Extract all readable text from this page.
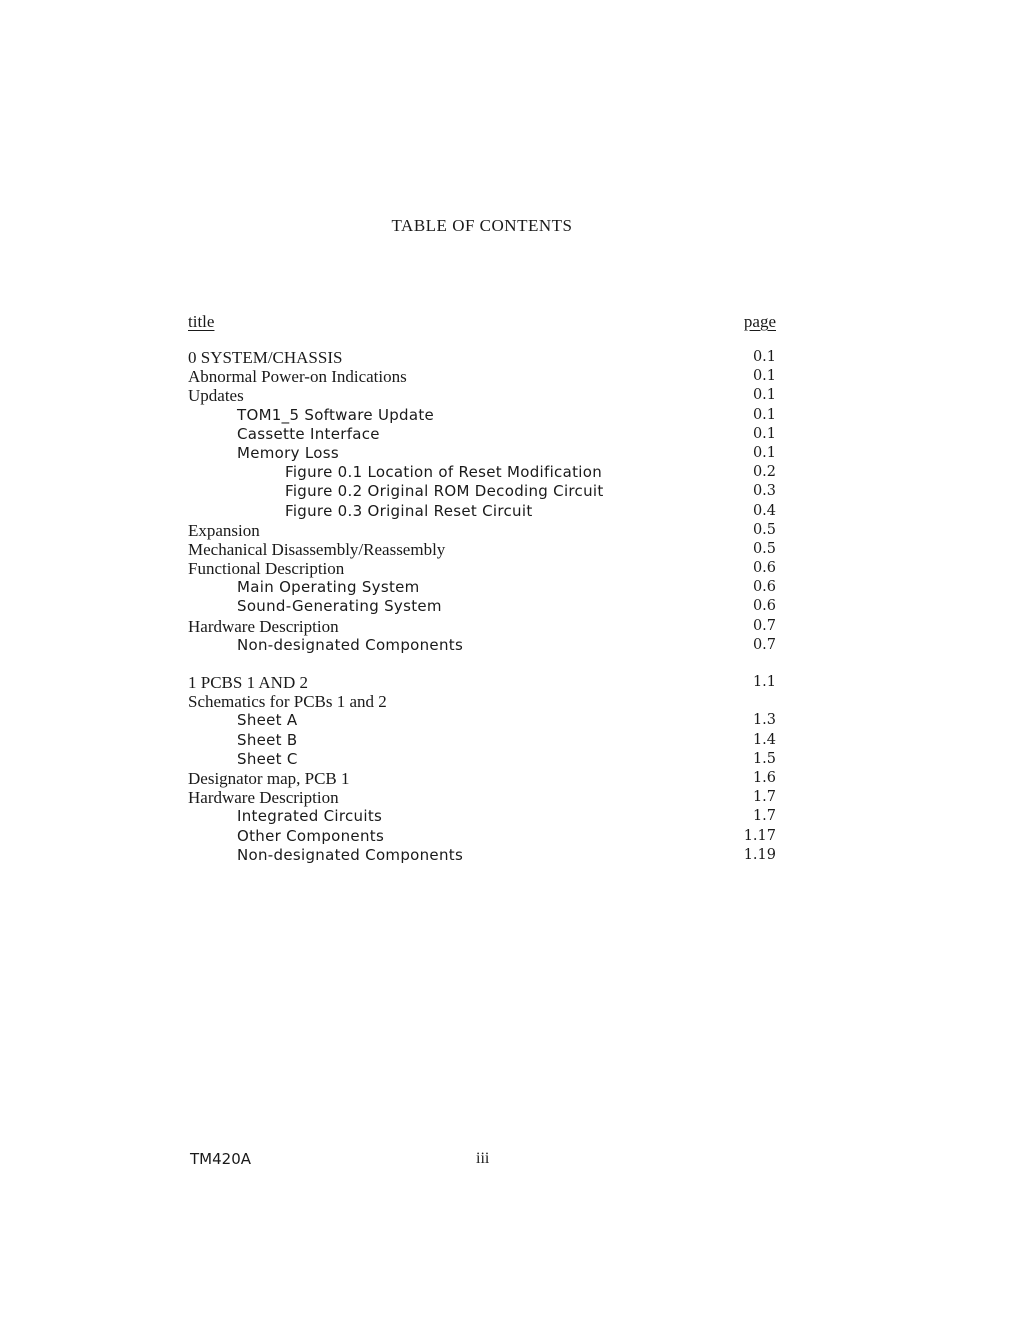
TABLE OF CONTENTS
title	page
0 SYSTEM/CHASSIS	0.1
Abnormal Power-on Indications	0.1
Updates	0.1
TOM1_5 Software Update	0.1
Cassette Interface	0.1
Memory Loss	0.1
Figure 0.1 Location of Reset Modification	0.2
Figure 0.2 Original ROM Decoding Circuit	0.3
Figure 0.3 Original Reset Circuit	0.4
Expansion	0.5
Mechanical Disassembly/Reassembly	0.5
Functional Description	0.6
Main Operating System	0.6
Sound-Generating System	0.6
Hardware Description	0.7
Non-designated Components	0.7
1 PCBS 1 AND 2	1.1
Schematics for PCBs 1 and 2
Sheet A	1.3
Sheet B	1.4
Sheet C	1.5
Designator map, PCB 1	1.6
Hardware Description	1.7
Integrated Circuits	1.7
Other Components	1.17
Non-designated Components	1.19
TM420A	iii
